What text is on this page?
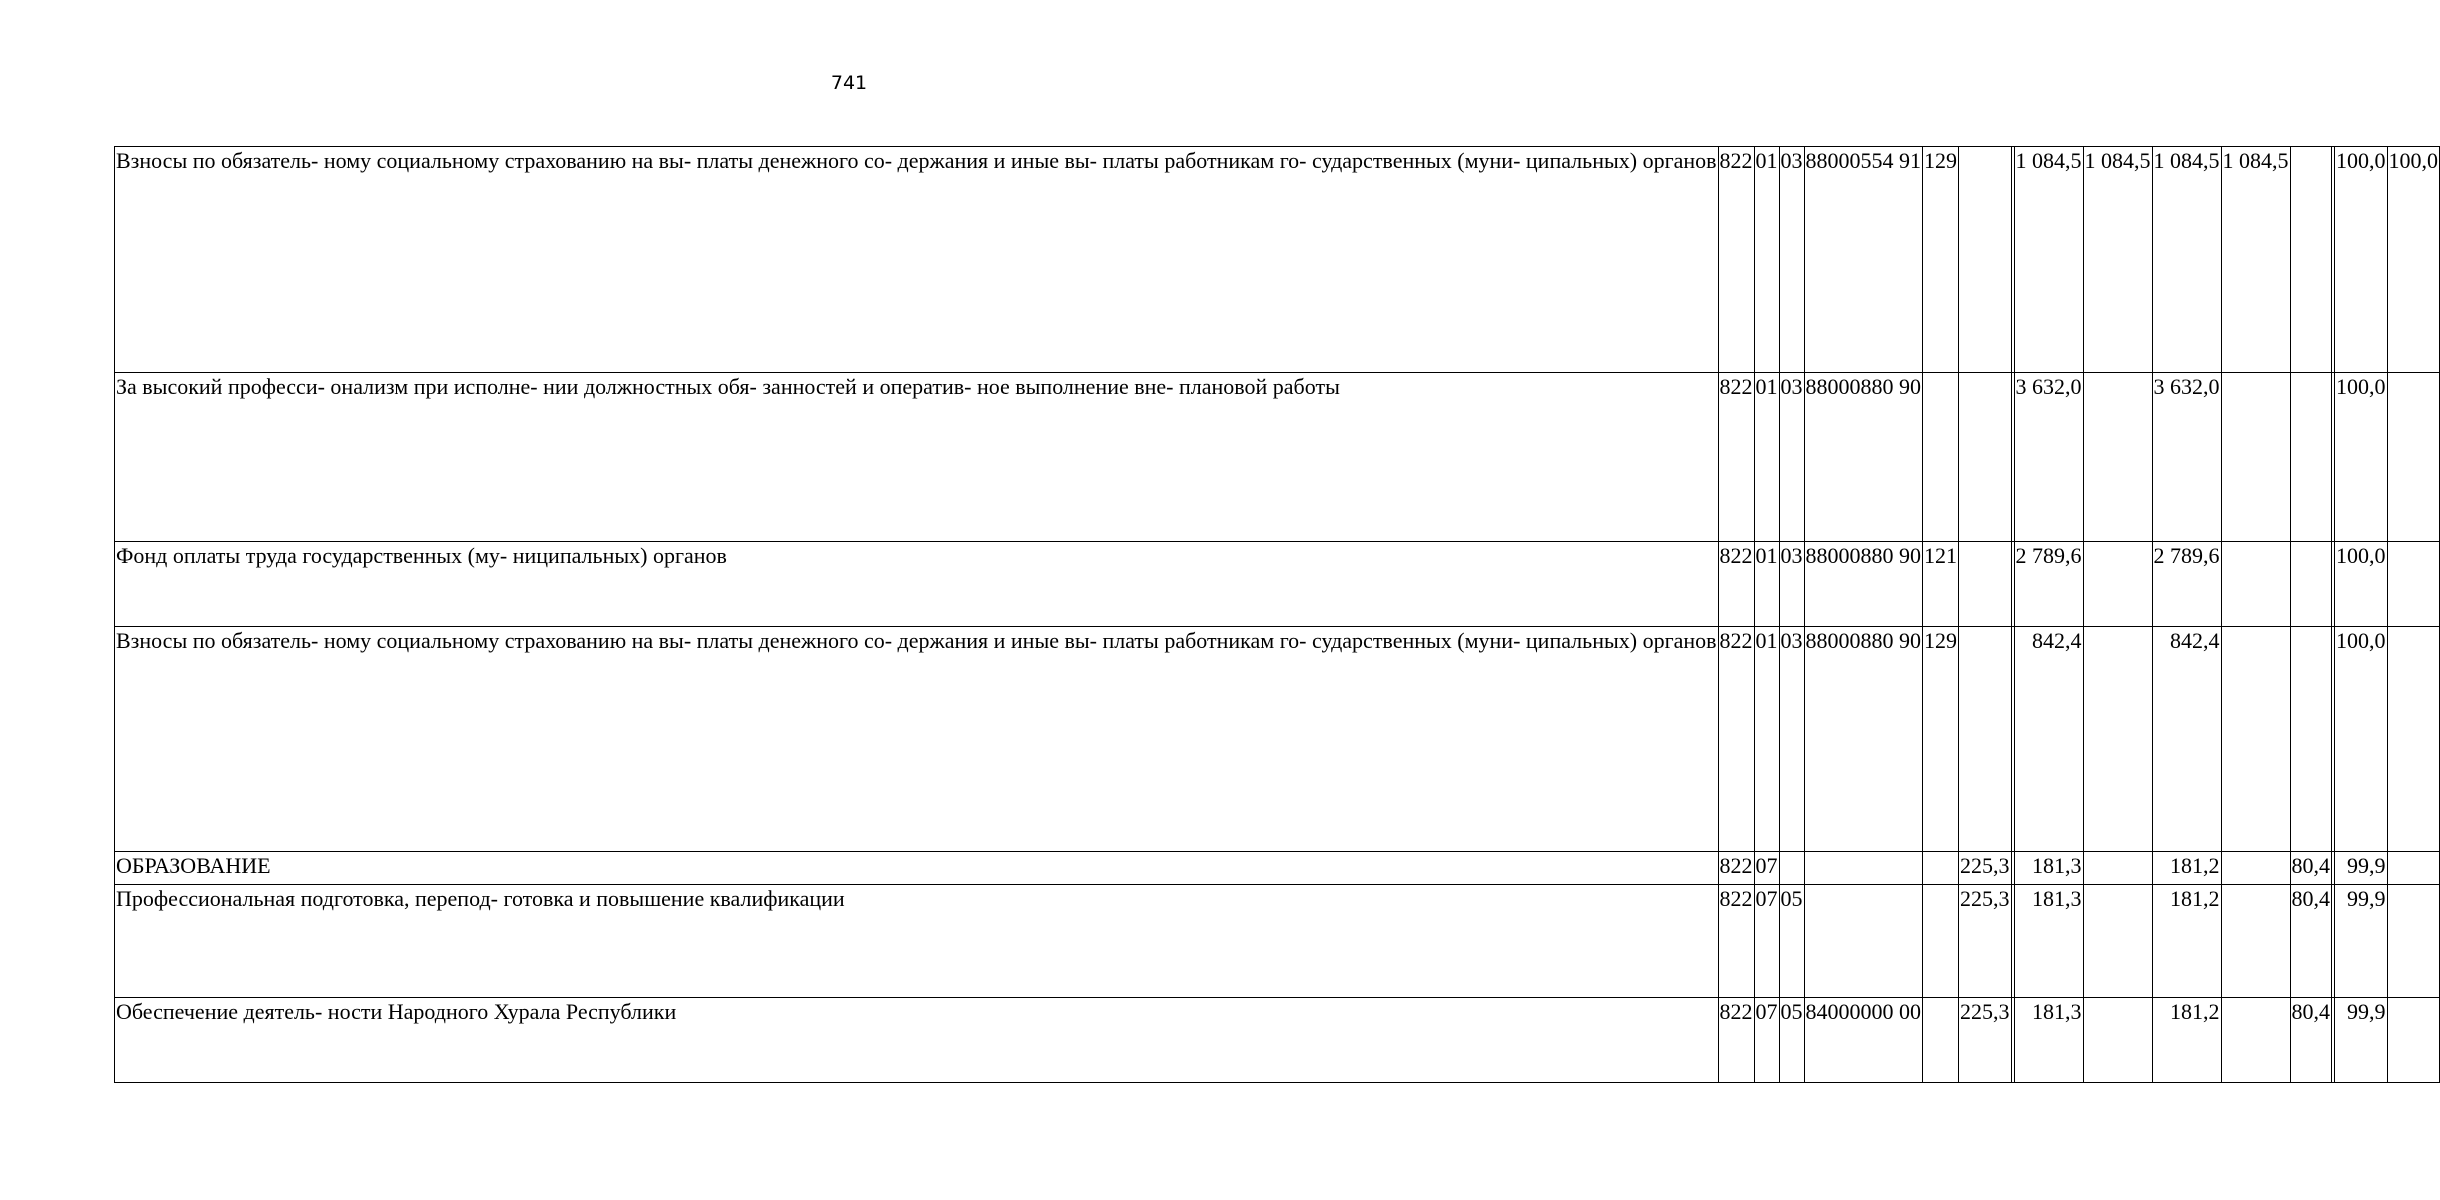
741
Взносы по обязатель- ному социальному страхованию на вы- платы денежного со- держания и иные вы- платы работникам го- сударственных (муни- ципальных) органов	822	01	03	88000554 91	129			1 084,5	1 084,5	1 084,5	1 084,5			100,0	100,0
За высокий професси- онализм при исполне- нии должностных обя- занностей и оператив- ное выполнение вне- плановой работы	822	01	03	88000880 90				3 632,0		3 632,0				100,0	
Фонд оплаты труда государственных (му- ниципальных) органов	822	01	03	88000880 90	121			2 789,6		2 789,6				100,0	
Взносы по обязатель- ному социальному страхованию на вы- платы денежного со- держания и иные вы- платы работникам го- сударственных (муни- ципальных) органов	822	01	03	88000880 90	129			842,4		842,4				100,0	
ОБРАЗОВАНИЕ	822	07				225,3		181,3		181,2		80,4		99,9	
Профессиональная подготовка, перепод- готовка и повышение квалификации	822	07	05			225,3		181,3		181,2		80,4		99,9	
Обеспечение деятель- ности Народного Хурала Республики	822	07	05	84000000 00		225,3		181,3		181,2		80,4		99,9	
